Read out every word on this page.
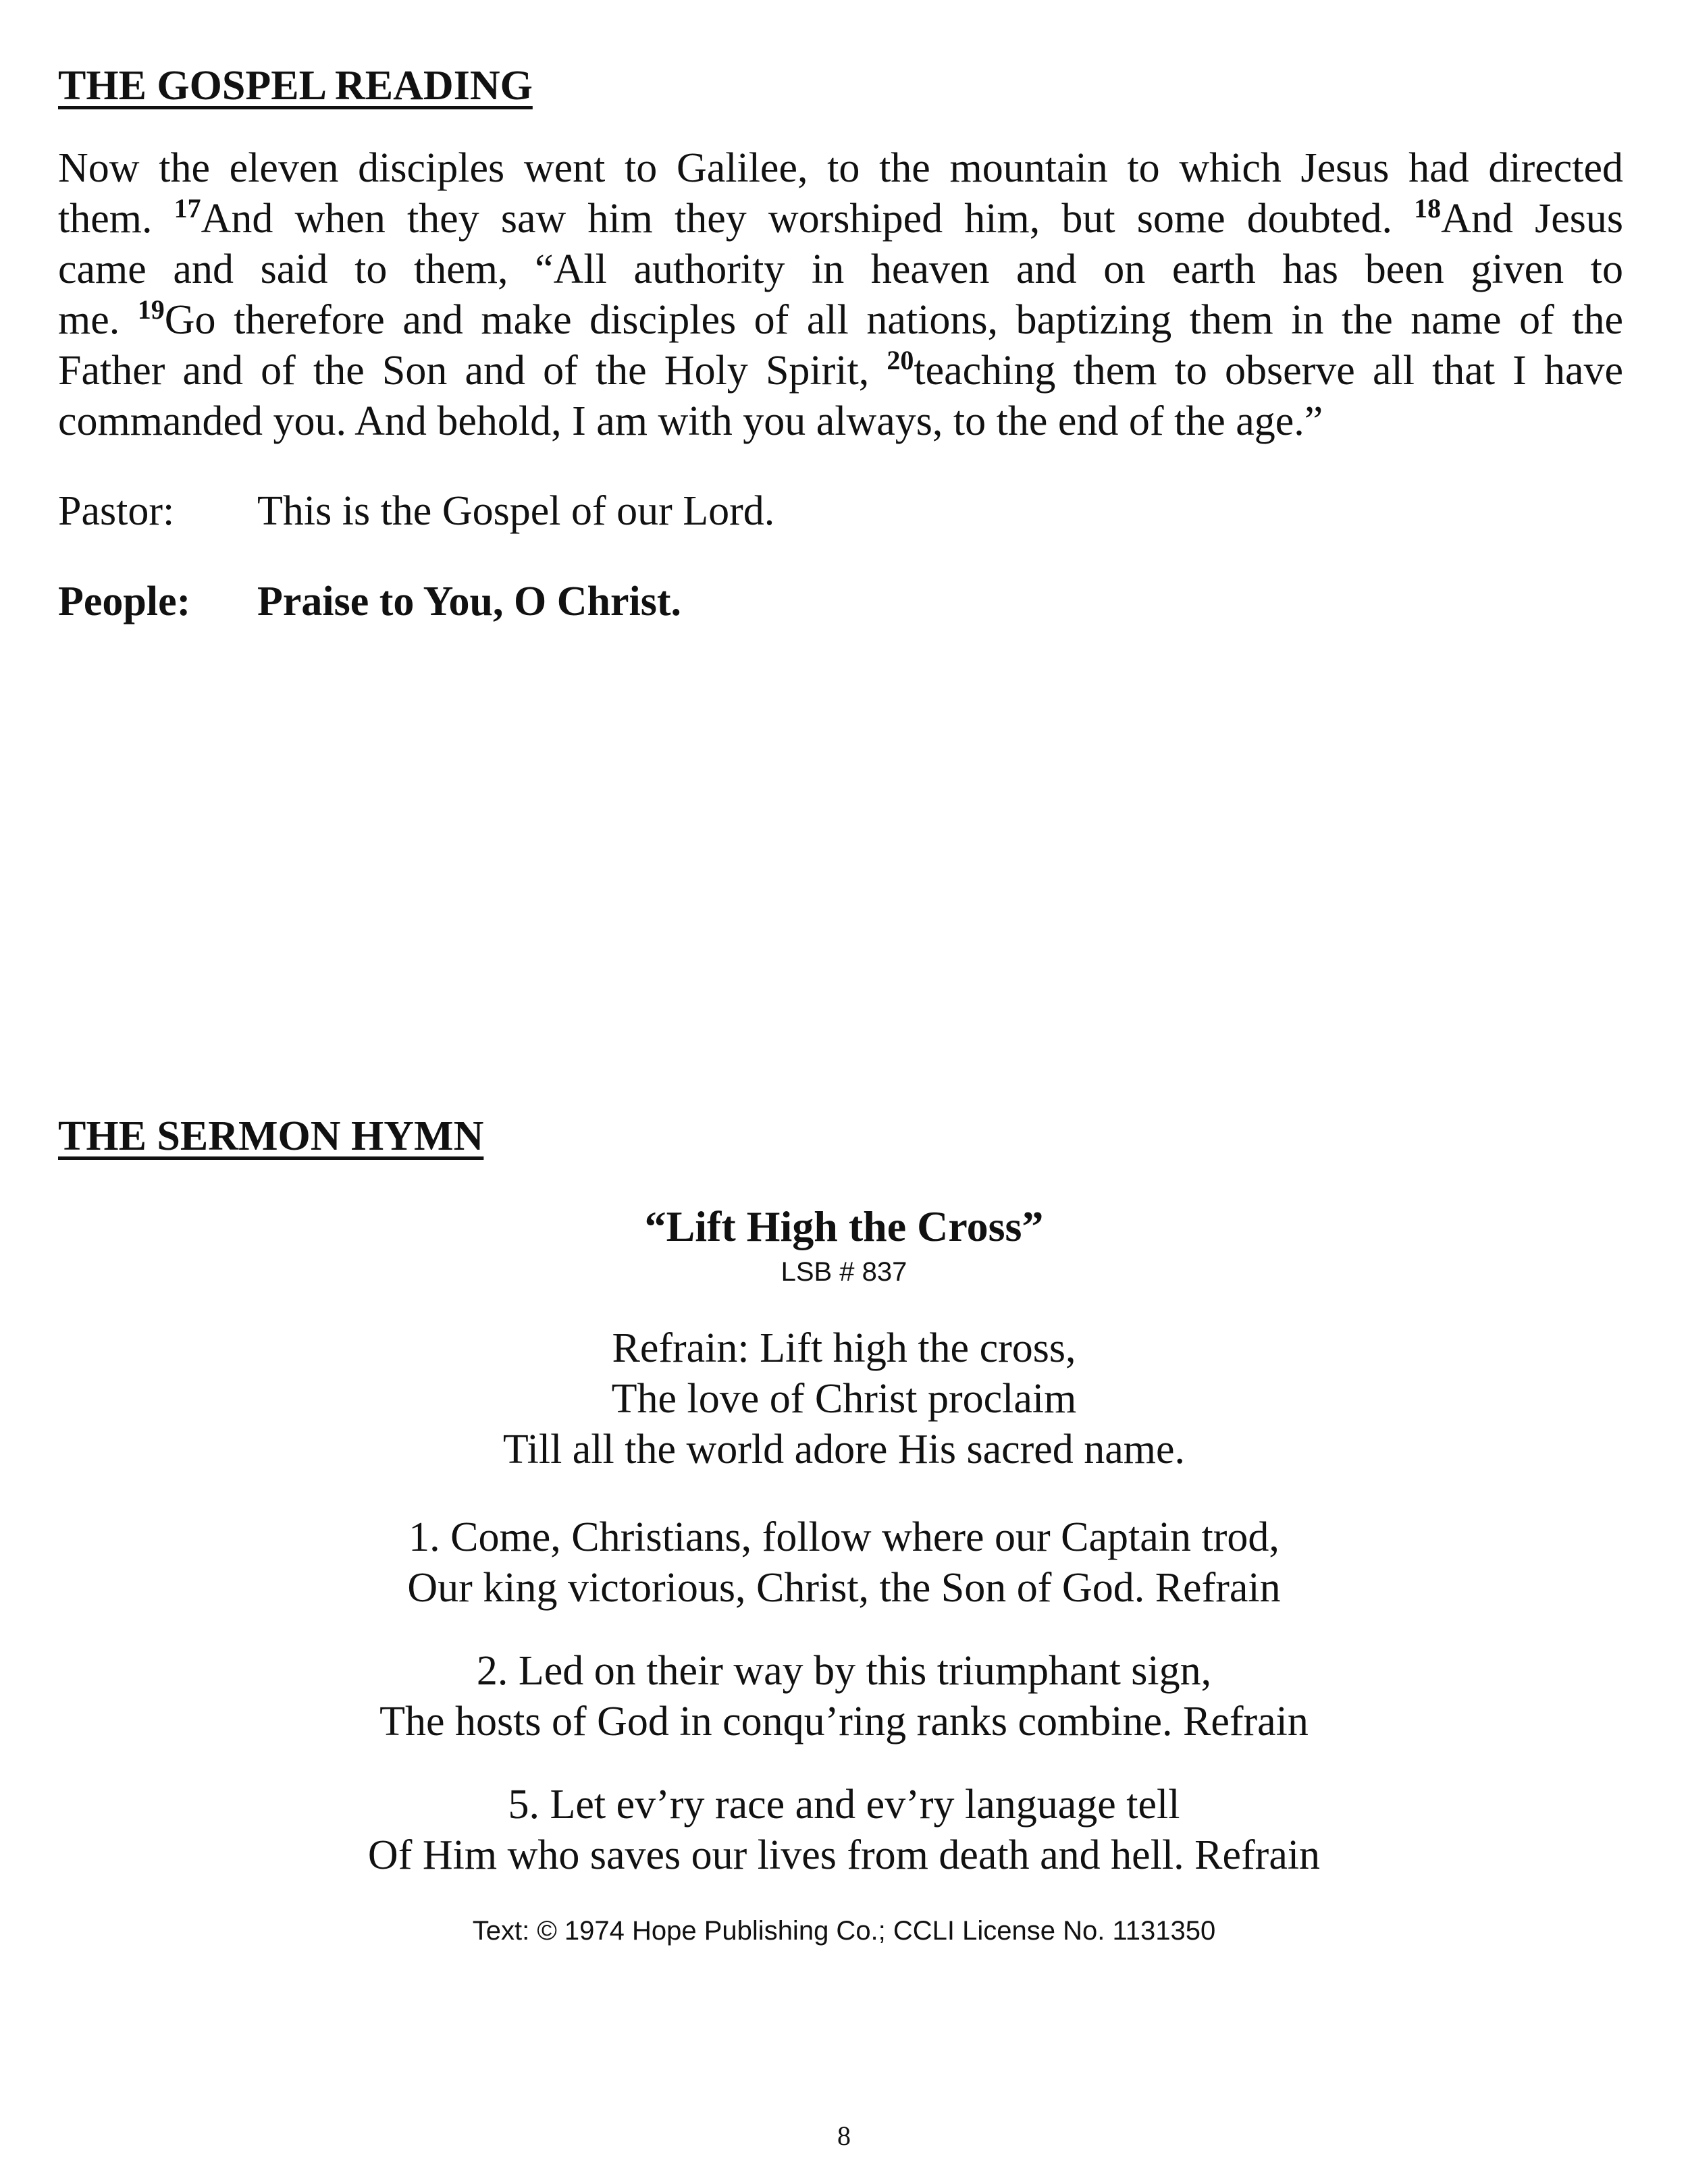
THE GOSPEL READING
Now the eleven disciples went to Galilee, to the mountain to which Jesus had directed
them. $^{17}$And when they saw him they worshiped him, but some doubted. $^{18}$And Jesus
came and said to them, “All authority in heaven and on earth has been given to
me. $^{19}$Go therefore and make disciples of all nations, baptizing them in the name of the
Father and of the Son and of the Holy Spirit, $^{20}$teaching them to observe all that I have
commanded you. And behold, I am with you always, to the end of the age.”
Pastor: This is the Gospel of our Lord.
People: Praise to You, O Christ.
THE SERMON HYMN
“Lift High the Cross”
LSB # 837
Refrain: Lift high the cross,
The love of Christ proclaim
Till all the world adore His sacred name.
1. Come, Christians, follow where our Captain trod,
Our king victorious, Christ, the Son of God. Refrain
2. Led on their way by this triumphant sign,
The hosts of God in conqu’ring ranks combine. Refrain
5. Let ev’ry race and ev’ry language tell
Of Him who saves our lives from death and hell. Refrain
Text: © 1974 Hope Publishing Co.; CCLI License No. 1131350
8
